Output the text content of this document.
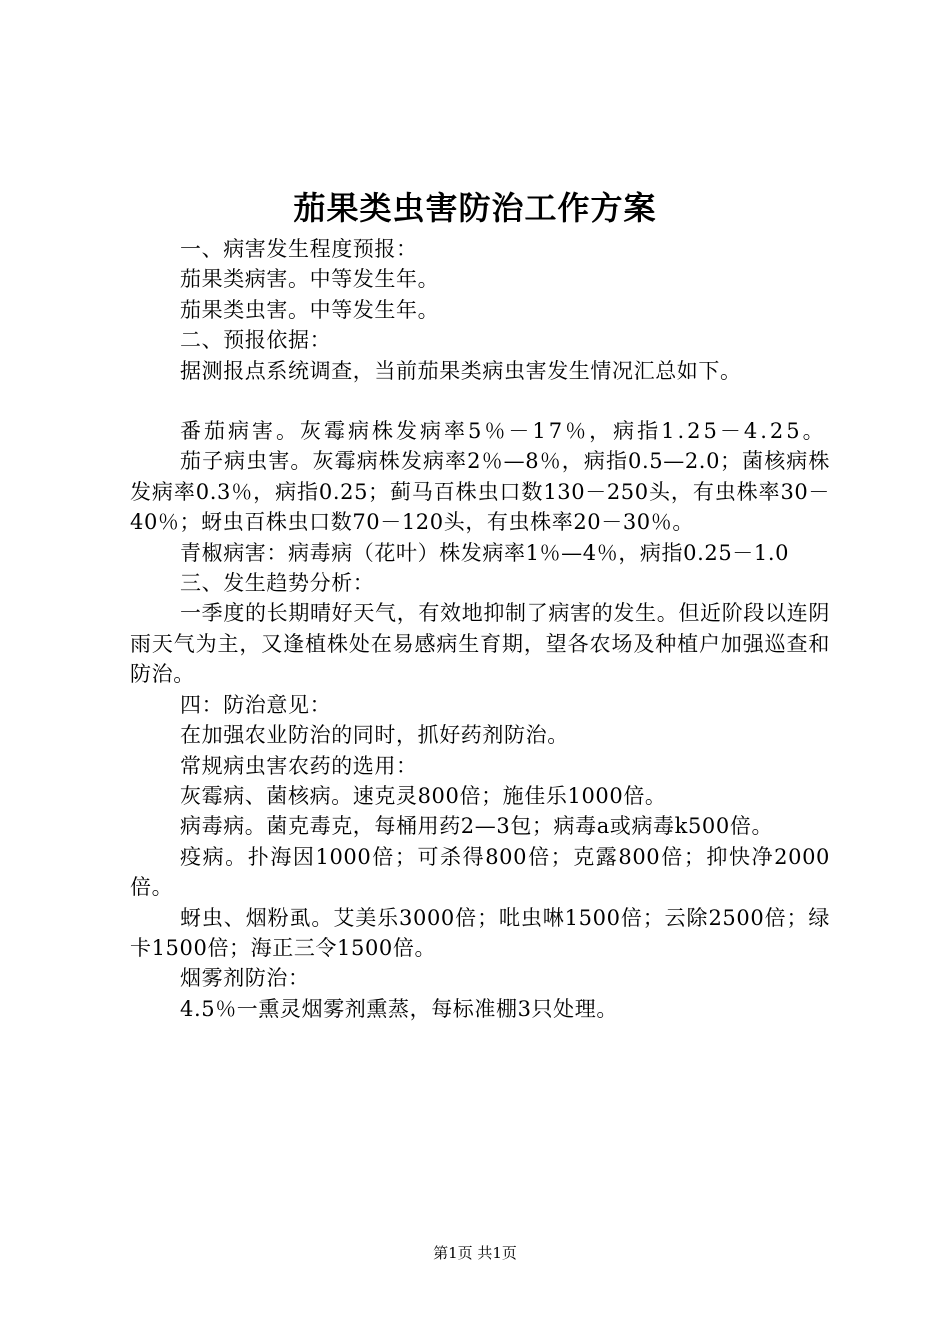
茄果类虫害防治工作方案

一、病害发生程度预报：

茄果类病害。中等发生年。

茄果类虫害。中等发生年。

二、预报依据：

据测报点系统调查，当前茄果类病虫害发生情况汇总如下。

番茄病害。灰霉病株发病率5％－17％，病指1.25－4.25。

茄子病虫害。灰霉病株发病率2％—8％，病指0.5—2.0；菌核病株发病率0.3％，病指0.25；蓟马百株虫口数130－250头，有虫株率30－40％；蚜虫百株虫口数70－120头，有虫株率20－30％。

青椒病害：病毒病（花叶）株发病率1％—4％，病指0.25－1.0

三、发生趋势分析：

一季度的长期晴好天气，有效地抑制了病害的发生。但近阶段以连阴雨天气为主，又逢植株处在易感病生育期，望各农场及种植户加强巡查和防治。

四：防治意见：

在加强农业防治的同时，抓好药剂防治。

常规病虫害农药的选用：

灰霉病、菌核病。速克灵800倍；施佳乐1000倍。

病毒病。菌克毒克，每桶用药2—3包；病毒a或病毒k500倍。

疫病。扑海因1000倍；可杀得800倍；克露800倍；抑快净2000倍。

蚜虫、烟粉虱。艾美乐3000倍；吡虫啉1500倍；云除2500倍；绿卡1500倍；海正三令1500倍。

烟雾剂防治：

4.5％一熏灵烟雾剂熏蒸，每标准棚3只处理。

第1页 共1页
